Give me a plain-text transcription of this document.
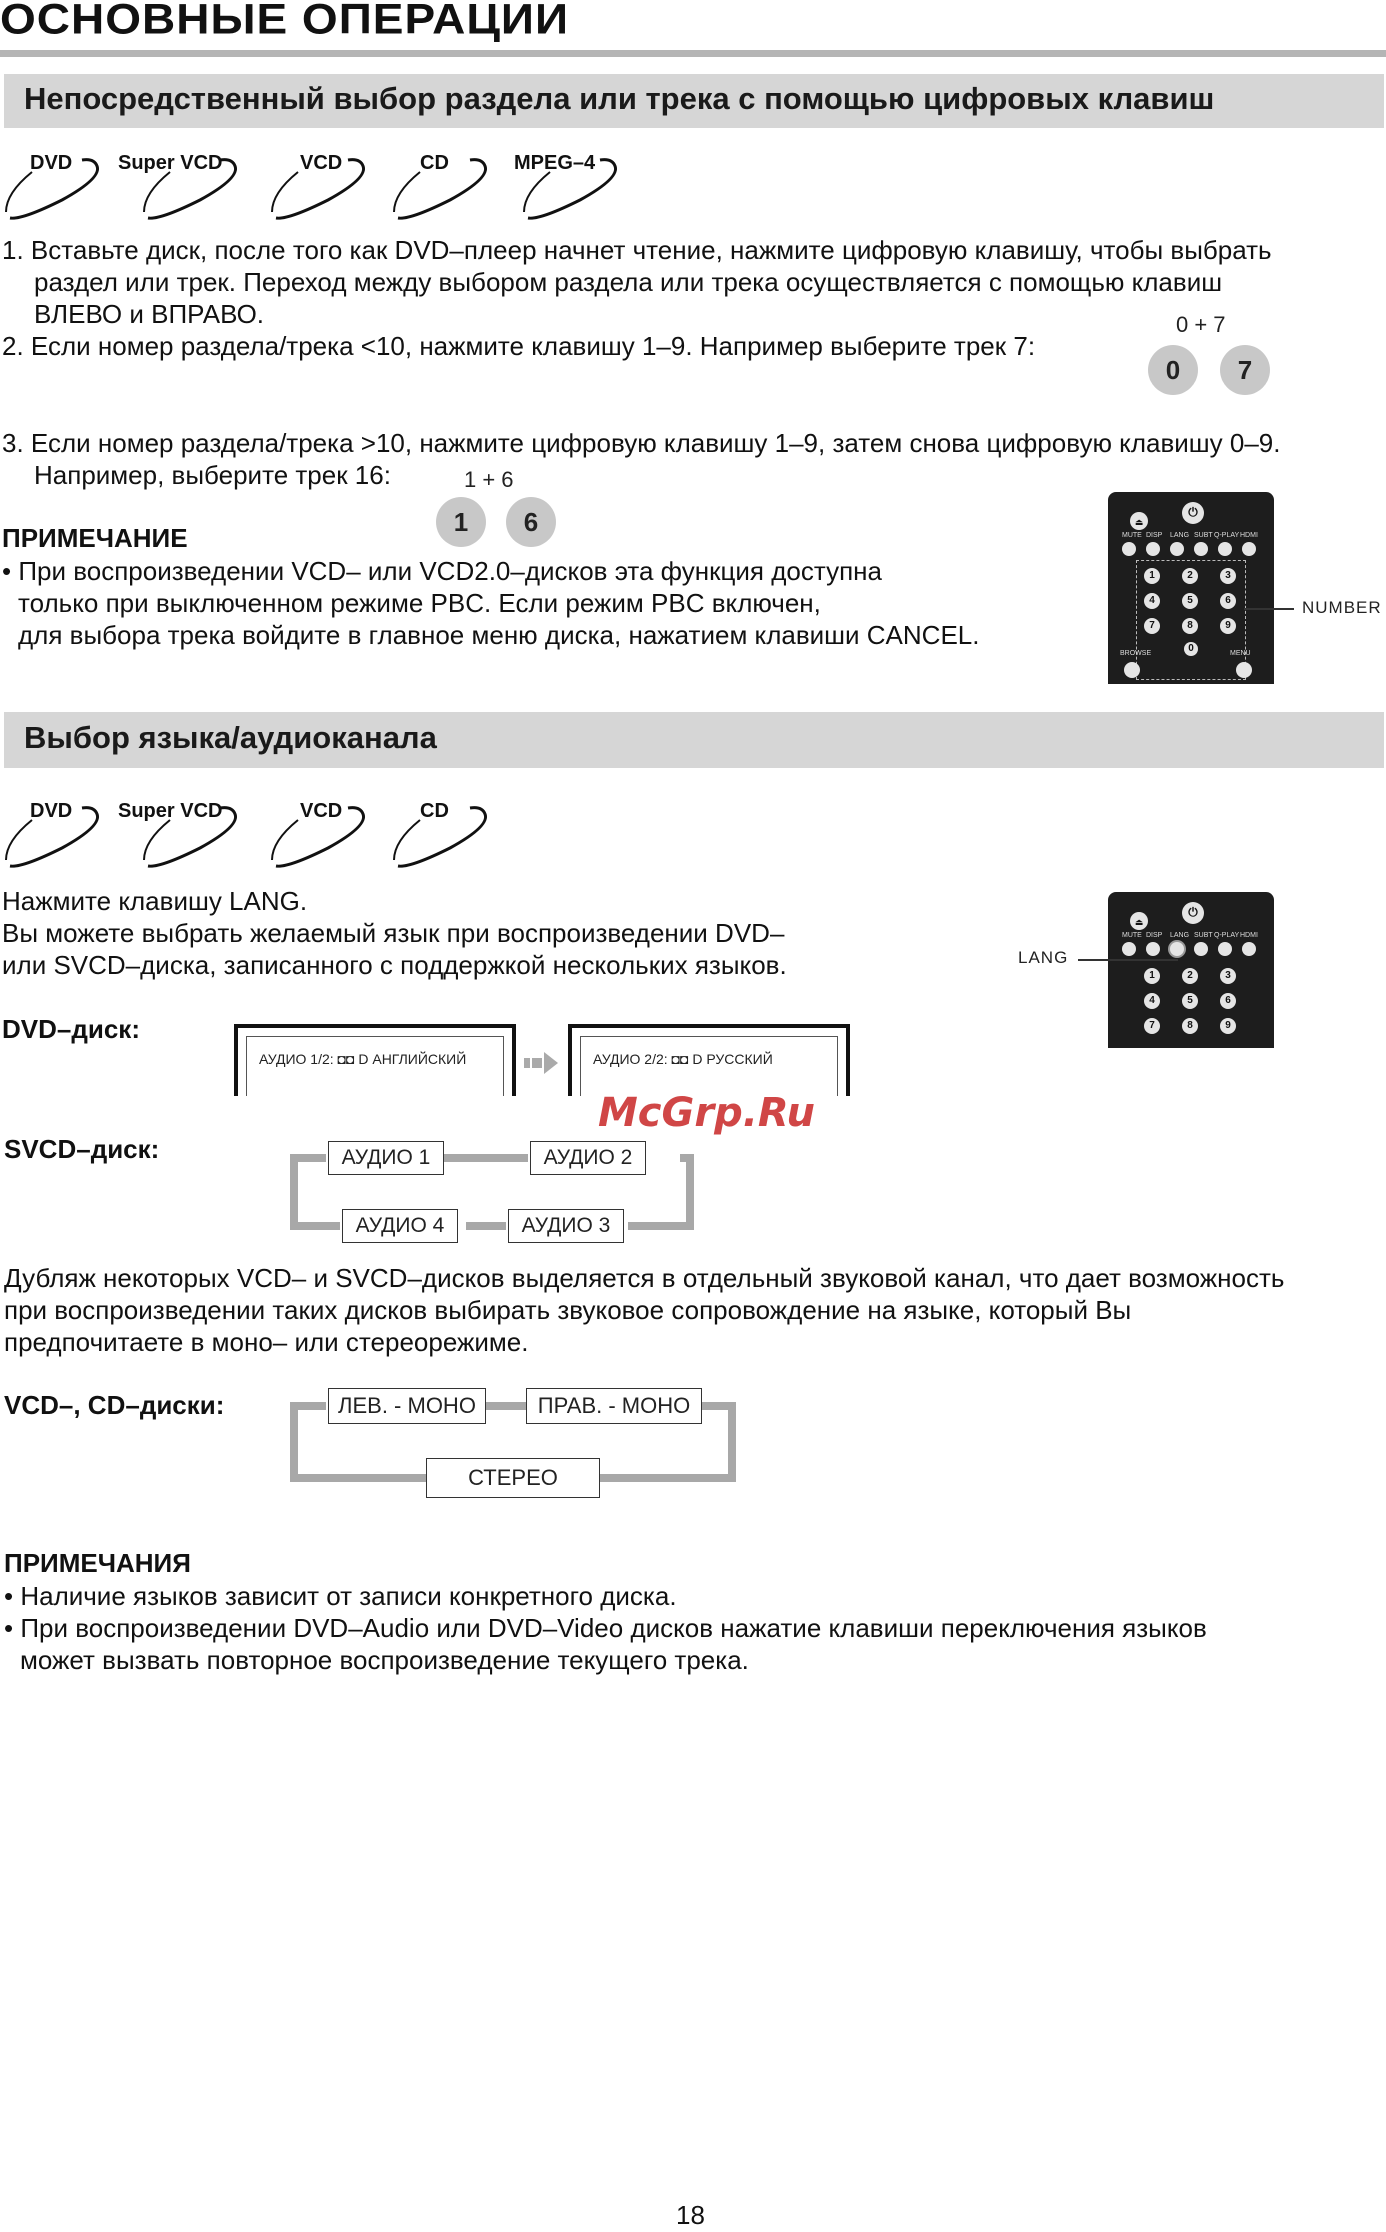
ОСНОВНЫЕ ОПЕРАЦИИ
Непосредственный выбор раздела или трека с помощью цифровых клавиш
DVD Super VCD	VCD	CD	MPEG–4
1. Вставьте диск, после того как DVD–плеер начнет чтение, нажмите цифровую клавишу, чтобы выбрать
раздел или трек. Переход между выбором раздела или трека осуществляется с помощью клавиш
ВЛЕВО и ВПРАВО.
2. Если номер раздела/трека <10, нажмите клавишу 1–9. Например выберите трек 7:
0 + 7
0	7
3. Если номер раздела/трека >10, нажмите цифровую клавишу 1–9, затем снова цифровую клавишу 0–9.
Например, выберите трек 16:	1 + 6
1	6
ПРИМЕЧАНИЕ
• При воспроизведении VCD– или VCD2.0–дисков эта функция доступна
только при выключенном режиме PBC. Если режим PBC включен,
для выбора трека войдите в главное меню диска, нажатием клавиши CANCEL.
⏏
⏻
MUTE DISP LANG SUBT Q-PLAY HDMI
1	2	3
4	5	6
7	8	9
BROWSE	MENU
0
NUMBER
Выбор языка/аудиоканала
DVD Super VCD	VCD	CD
Нажмите клавишу LANG.
Вы можете выбрать желаемый язык при воспроизведении DVD–
или SVCD–диска, записанного с поддержкой нескольких языков.
⏏
⏻
MUTE DISP LANG SUBT Q-PLAY HDMI
1	2	3
4	5	6
7	8	9
LANG
DVD–диск:
АУДИО 1/2: ◘◘ D АНГЛИЙСКИЙ	АУДИО 2/2: ◘◘ D РУССКИЙ
McGrp.Ru
SVCD–диск:	АУДИО 1	АУДИО 2
АУДИО 4	АУДИО 3
Дубляж некоторых VCD– и SVCD–дисков выделяется в отдельный звуковой канал, что дает возможность
при воспроизведении таких дисков выбирать звуковое сопровождение на языке, который Вы
предпочитаете в моно– или стереорежиме.
VCD–, CD–диски:	ЛЕВ. - МОНО	ПРАВ. - МОНО
СТЕРЕО
ПРИМЕЧАНИЯ
• Наличие языков зависит от записи конкретного диска.
• При воспроизведении DVD–Audio или DVD–Video дисков нажатие клавиши переключения языков
может вызвать повторное воспроизведение текущего трека.
18
